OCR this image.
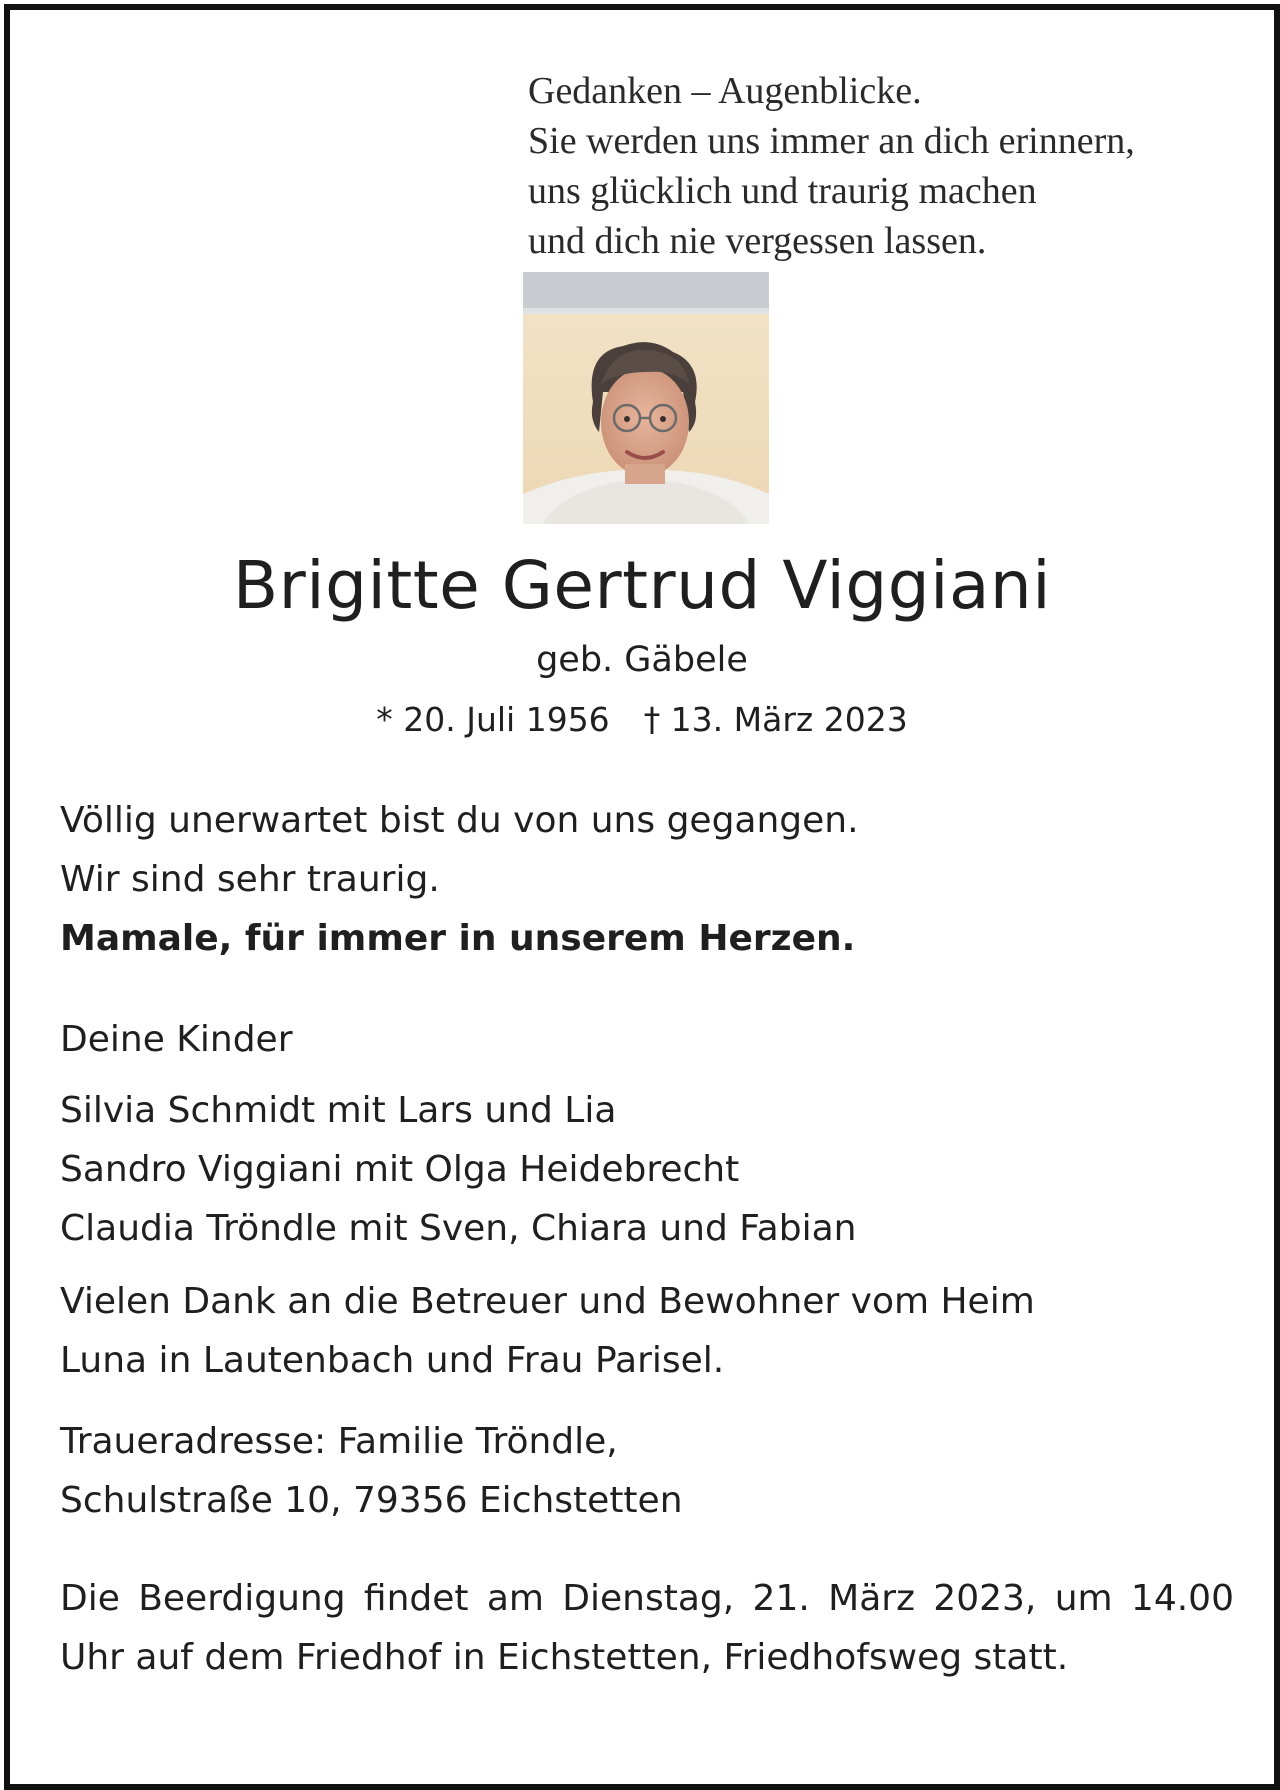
Gedanken – Augenblicke.
Sie werden uns immer an dich erinnern,
uns glücklich und traurig machen
und dich nie vergessen lassen.
Brigitte Gertrud Viggiani
geb. Gäbele
* 20. Juli 1956 † 13. März 2023
Völlig unerwartet bist du von uns gegangen.
Wir sind sehr traurig.
Mamale, für immer in unserem Herzen.
Deine Kinder
Silvia Schmidt mit Lars und Lia
Sandro Viggiani mit Olga Heidebrecht
Claudia Tröndle mit Sven, Chiara und Fabian
Vielen Dank an die Betreuer und Bewohner vom Heim
Luna in Lautenbach und Frau Parisel.
Traueradresse: Familie Tröndle,
Schulstraße 10, 79356 Eichstetten
Die Beerdigung findet am Dienstag, 21. März 2023, um 14.00 Uhr auf dem Friedhof in Eichstetten, Friedhofsweg statt.
